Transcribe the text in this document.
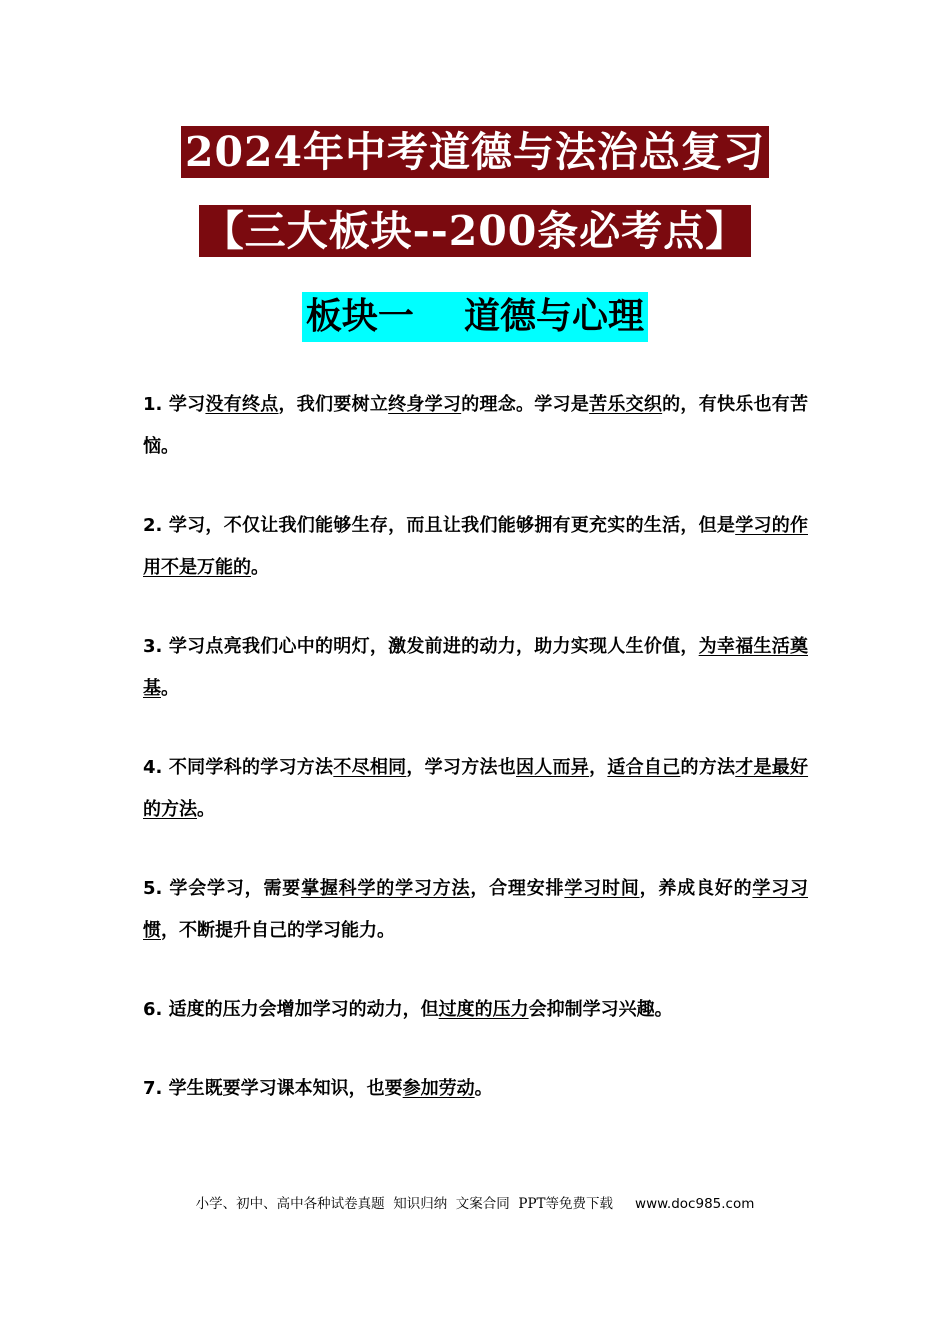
2024年中考道德与法治总复习
【三大板块--200条必考点】
板块一    道德与心理
1. 学习没有终点，我们要树立终身学习的理念。学习是苦乐交织的，有快乐也有苦恼。
2. 学习，不仅让我们能够生存，而且让我们能够拥有更充实的生活，但是学习的作用不是万能的。
3. 学习点亮我们心中的明灯，激发前进的动力，助力实现人生价值，为幸福生活奠基。
4. 不同学科的学习方法不尽相同，学习方法也因人而异，适合自己的方法才是最好的方法。
5. 学会学习，需要掌握科学的学习方法，合理安排学习时间，养成良好的学习习惯，不断提升自己的学习能力。
6. 适度的压力会增加学习的动力，但过度的压力会抑制学习兴趣。
7. 学生既要学习课本知识，也要参加劳动。
小学、初中、高中各种试卷真题  知识归纳  文案合同  PPT等免费下载 www.doc985.com
